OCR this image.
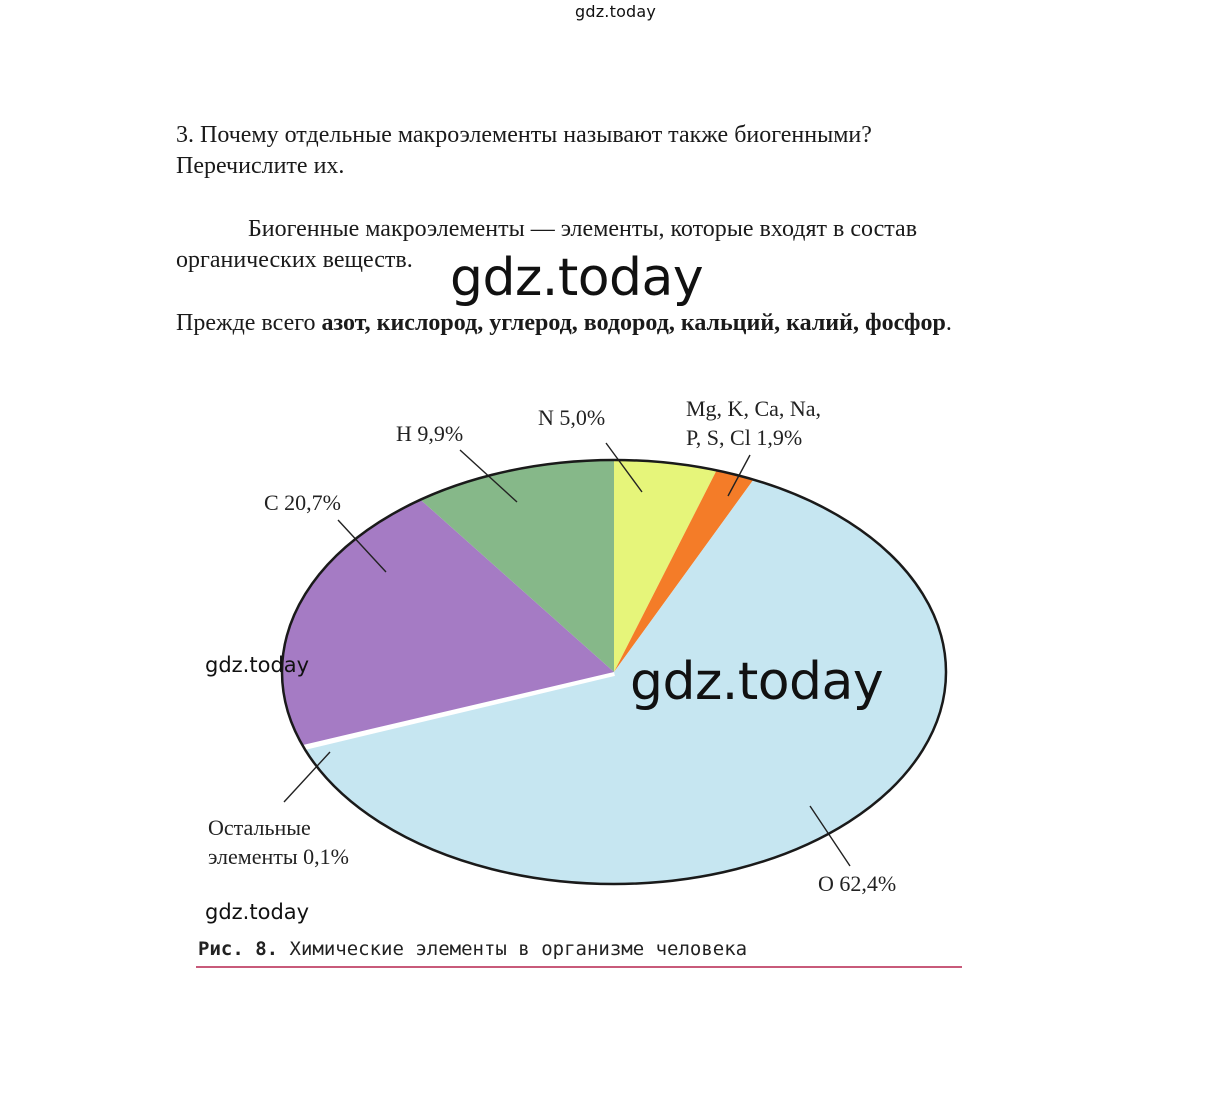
gdz.today
3. Почему отдельные макроэлементы называют также биогенными?
Перечислите их.
Биогенные макроэлементы — элементы, которые входят в состав
органических веществ.
Прежде всего азот, кислород, углерод, водород, кальций, калий, фосфор.
N 5,0%	Mg, K, Ca, Na,
P, S, Cl 1,9%
O 62,4%
Остальные
элементы 0,1%
C 20,7%
H 9,9%
gdz.today
gdz.today
gdz.today
gdz.today
Рис. 8. Химические элементы в организме человека
